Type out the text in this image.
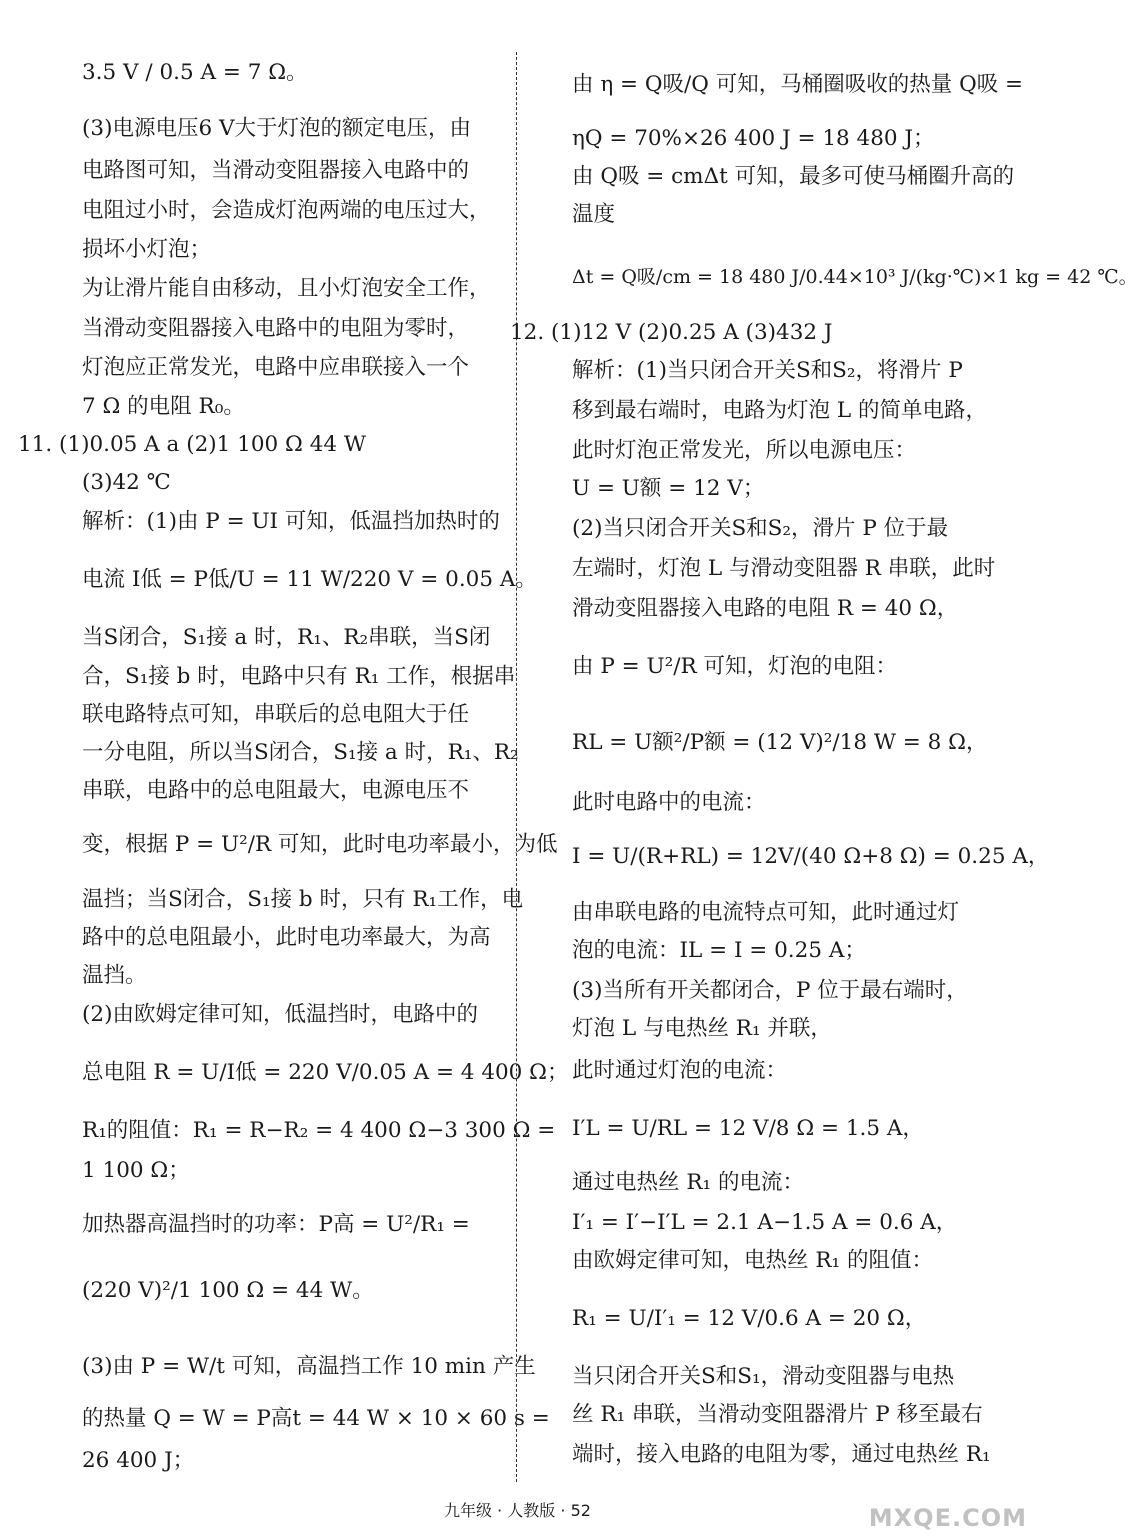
3.5 V / 0.5 A = 7 Ω。
(3)电源电压6 V大于灯泡的额定电压，由
电路图可知，当滑动变阻器接入电路中的
电阻过小时，会造成灯泡两端的电压过大，
损坏小灯泡；
为让滑片能自由移动，且小灯泡安全工作，
当滑动变阻器接入电路中的电阻为零时，
灯泡应正常发光，电路中应串联接入一个
7 Ω 的电阻 R₀。
11. (1)0.05 A a (2)1 100 Ω 44 W
(3)42 ℃
解析：(1)由 P = UI 可知，低温挡加热时的
电流 I低 = P低/U = 11 W/220 V = 0.05 A。
当S闭合，S₁接 a 时，R₁、R₂串联，当S闭
合，S₁接 b 时，电路中只有 R₁ 工作，根据串
联电路特点可知，串联后的总电阻大于任
一分电阻，所以当S闭合，S₁接 a 时，R₁、R₂
串联，电路中的总电阻最大，电源电压不
变，根据 P = U²/R 可知，此时电功率最小，为低
温挡；当S闭合，S₁接 b 时，只有 R₁工作，电
路中的总电阻最小，此时电功率最大，为高
温挡。
(2)由欧姆定律可知，低温挡时，电路中的
总电阻 R = U/I低 = 220 V/0.05 A = 4 400 Ω；
R₁的阻值：R₁ = R−R₂ = 4 400 Ω−3 300 Ω =
1 100 Ω；
加热器高温挡时的功率：P高 = U²/R₁ =
(220 V)²/1 100 Ω = 44 W。
(3)由 P = W/t 可知，高温挡工作 10 min 产生
的热量 Q = W = P高t = 44 W × 10 × 60 s =
26 400 J；
由 η = Q吸/Q 可知，马桶圈吸收的热量 Q吸 =
ηQ = 70%×26 400 J = 18 480 J；
由 Q吸 = cmΔt 可知，最多可使马桶圈升高的
温度
Δt = Q吸/cm = 18 480 J/0.44×10³ J/(kg·℃)×1 kg = 42 ℃。
12. (1)12 V (2)0.25 A (3)432 J
解析：(1)当只闭合开关S和S₂，将滑片 P
移到最右端时，电路为灯泡 L 的简单电路，
此时灯泡正常发光，所以电源电压：
U = U额 = 12 V；
(2)当只闭合开关S和S₂，滑片 P 位于最
左端时，灯泡 L 与滑动变阻器 R 串联，此时
滑动变阻器接入电路的电阻 R = 40 Ω，
由 P = U²/R 可知，灯泡的电阻：
RL = U额²/P额 = (12 V)²/18 W = 8 Ω，
此时电路中的电流：
I = U/(R+RL) = 12V/(40 Ω+8 Ω) = 0.25 A，
由串联电路的电流特点可知，此时通过灯
泡的电流：IL = I = 0.25 A；
(3)当所有开关都闭合，P 位于最右端时，
灯泡 L 与电热丝 R₁ 并联，
此时通过灯泡的电流：
I′L = U/RL = 12 V/8 Ω = 1.5 A，
通过电热丝 R₁ 的电流：
I′₁ = I′−I′L = 2.1 A−1.5 A = 0.6 A，
由欧姆定律可知，电热丝 R₁ 的阻值：
R₁ = U/I′₁ = 12 V/0.6 A = 20 Ω，
当只闭合开关S和S₁，滑动变阻器与电热
丝 R₁ 串联，当滑动变阻器滑片 P 移至最右
端时，接入电路的电阻为零，通过电热丝 R₁
九年级 · 人教版 · 52	MXQE.COM
